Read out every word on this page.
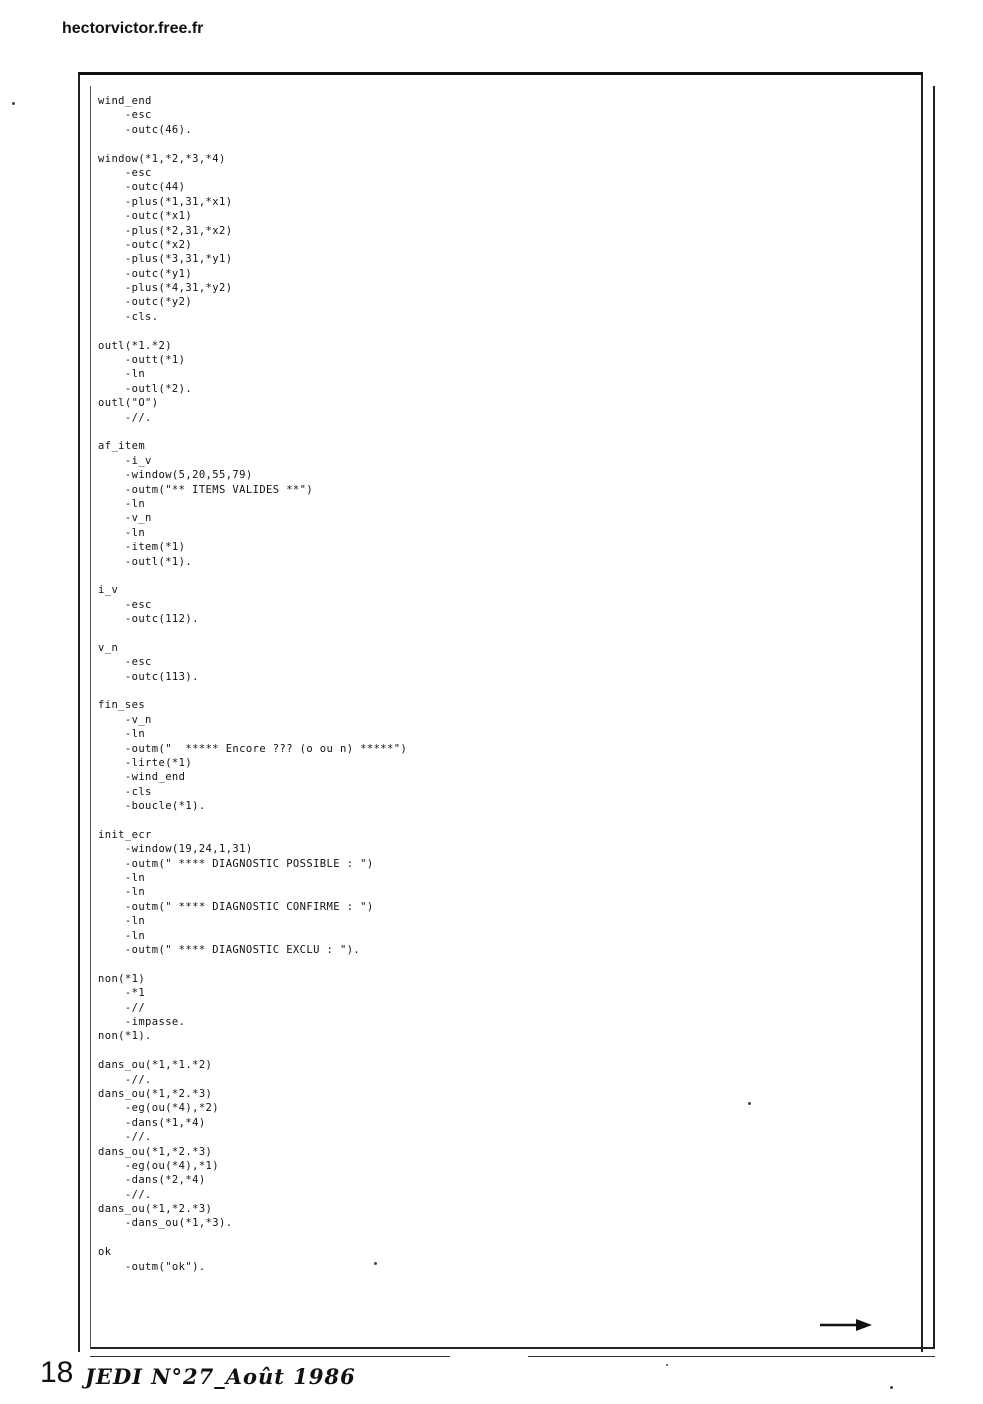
hectorvictor.free.fr
wind_end
-esc
-outc(46).

window(*1,*2,*3,*4)
-esc
-outc(44)
-plus(*1,31,*x1)
-outc(*x1)
-plus(*2,31,*x2)
-outc(*x2)
-plus(*3,31,*y1)
-outc(*y1)
-plus(*4,31,*y2)
-outc(*y2)
-cls.

outl(*1.*2)
-outt(*1)
-ln
-outl(*2).
outl("O")
-//.

af_item
-i_v
-window(5,20,55,79)
-outm("** ITEMS VALIDES **")
-ln
-v_n
-ln
-item(*1)
-outl(*1).

i_v
-esc
-outc(112).

v_n
-esc
-outc(113).

fin_ses
-v_n
-ln
-outm("  ***** Encore ??? (o ou n) *****")
-lirte(*1)
-wind_end
-cls
-boucle(*1).

init_ecr
-window(19,24,1,31)
-outm(" **** DIAGNOSTIC POSSIBLE : ")
-ln
-ln
-outm(" **** DIAGNOSTIC CONFIRME : ")
-ln
-ln
-outm(" **** DIAGNOSTIC EXCLU : ").

non(*1)
-*1
-//
-impasse.
non(*1).

dans_ou(*1,*1.*2)
-//.
dans_ou(*1,*2.*3)
-eg(ou(*4),*2)
-dans(*1,*4)
-//.
dans_ou(*1,*2.*3)
-eg(ou(*4),*1)
-dans(*2,*4)
-//.
dans_ou(*1,*2.*3)
-dans_ou(*1,*3).

ok
-outm("ok").
18 JEDI N°27_Août 1986
